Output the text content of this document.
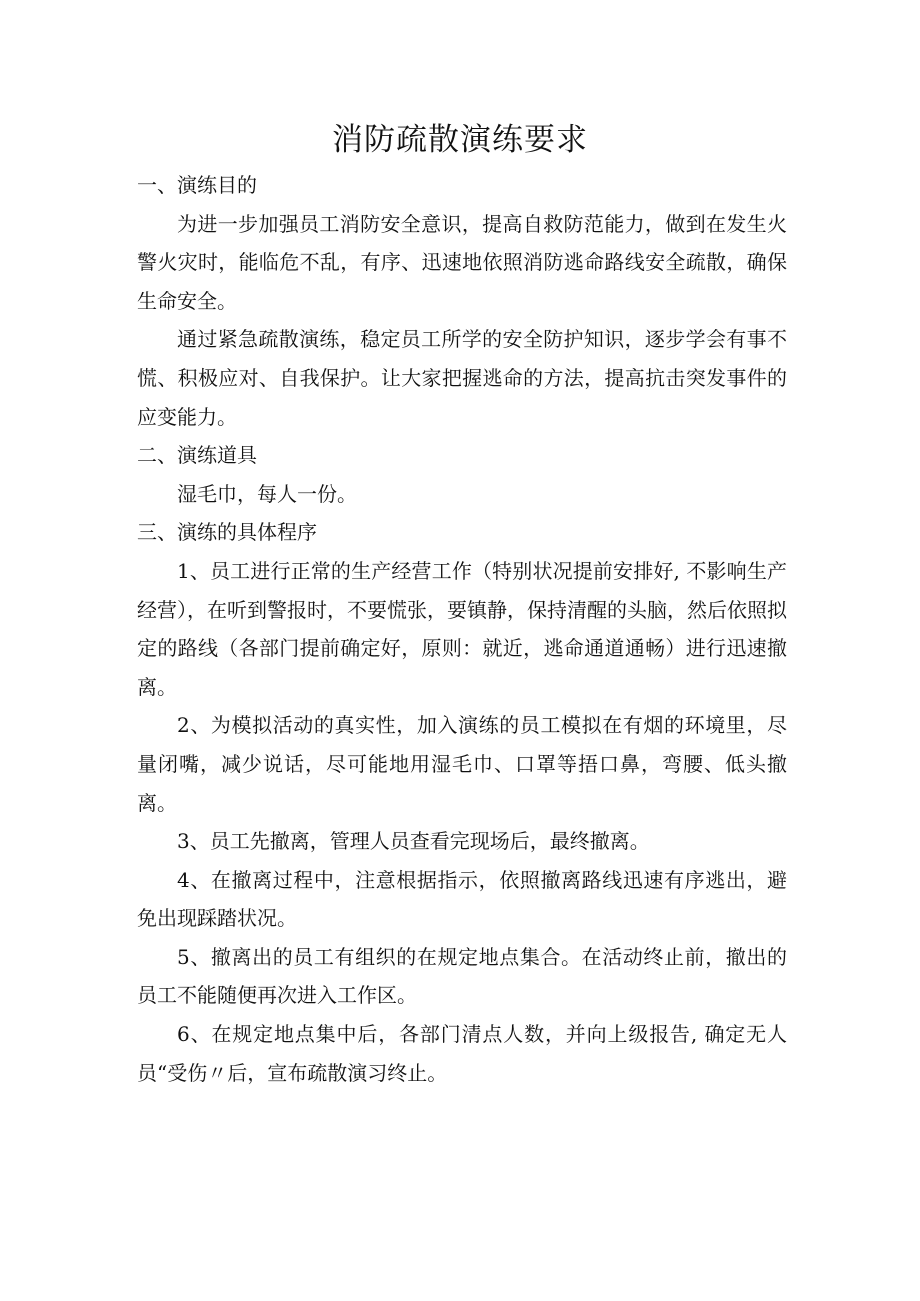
消防疏散演练要求

一、演练目的

为进一步加强员工消防安全意识，提高自救防范能力，做到在发生火警火灾时，能临危不乱，有序、迅速地依照消防逃命路线安全疏散，确保生命安全。

通过紧急疏散演练，稳定员工所学的安全防护知识，逐步学会有事不慌、积极应对、自我保护。让大家把握逃命的方法，提高抗击突发事件的应变能力。

二、演练道具

湿毛巾，每人一份。

三、演练的具体程序

1、员工进行正常的生产经营工作（特别状况提前安排好, 不影响生产经营），在听到警报时，不要慌张，要镇静，保持清醒的头脑，然后依照拟定的路线（各部门提前确定好，原则：就近，逃命通道通畅）进行迅速撤离。

2、为模拟活动的真实性，加入演练的员工模拟在有烟的环境里，尽量闭嘴，减少说话，尽可能地用湿毛巾、口罩等捂口鼻，弯腰、低头撤离。

3、员工先撤离，管理人员查看完现场后，最终撤离。

4、在撤离过程中，注意根据指示，依照撤离路线迅速有序逃出，避免出现踩踏状况。

5、撤离出的员工有组织的在规定地点集合。在活动终止前，撤出的员工不能随便再次进入工作区。

6、在规定地点集中后，各部门清点人数，并向上级报告, 确定无人员“受伤〃后，宣布疏散演习终止。
